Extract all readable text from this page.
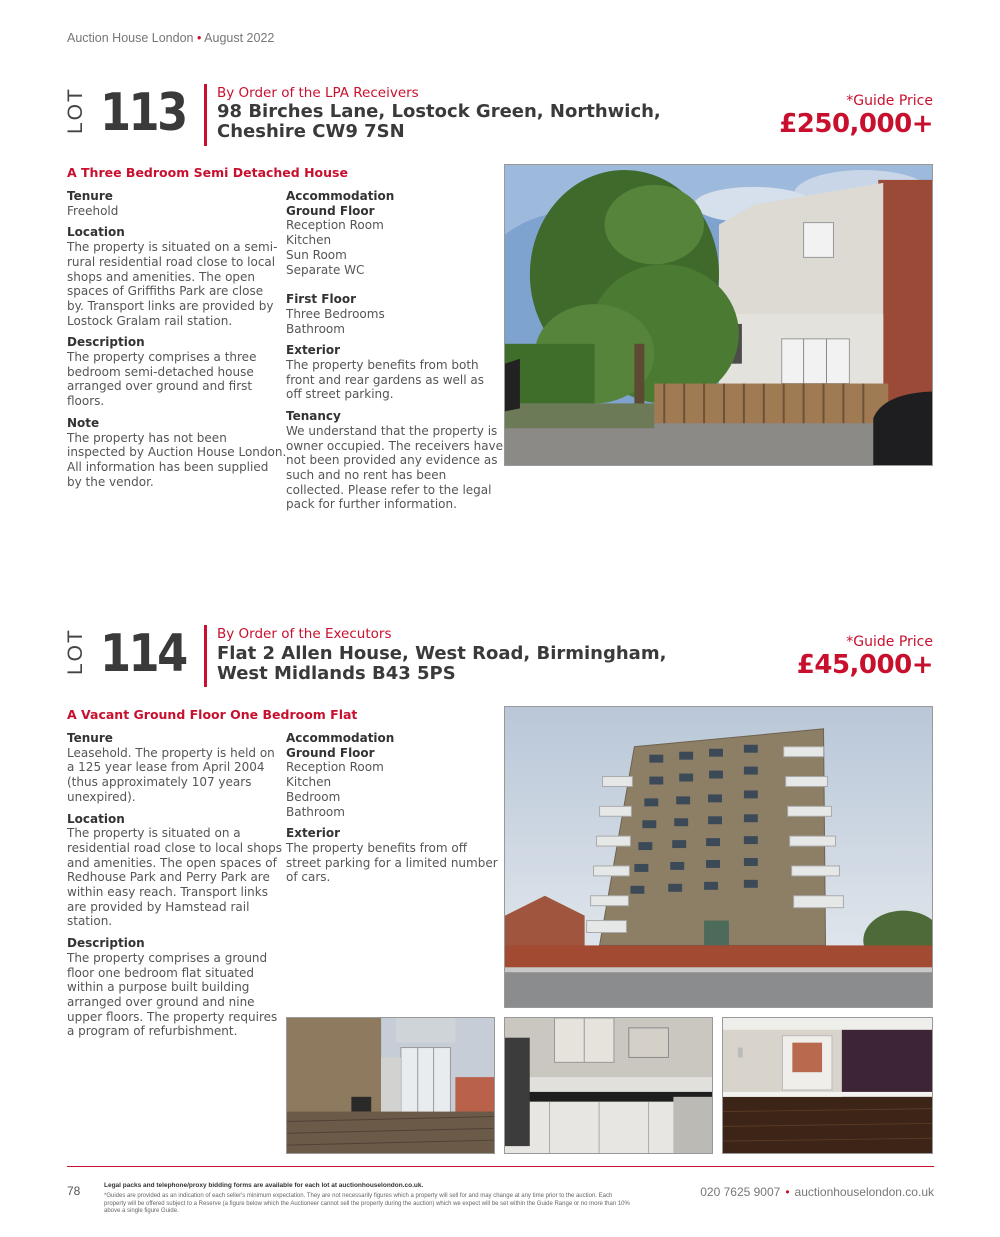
Auction House London • August 2022
LOT 113 By Order of the LPA Receivers
98 Birches Lane, Lostock Green, Northwich,
Cheshire CW9 7SN
*Guide Price
£250,000+
A Three Bedroom Semi Detached House
Tenure

Freehold

Location

The property is situated on a semi-

rural residential road close to local

shops and amenities. The open

spaces of Griffiths Park are close

by. Transport links are provided by

Lostock Gralam rail station.

Description

The property comprises a three

bedroom semi-detached house

arranged over ground and first

floors.

Note

The property has not been

inspected by Auction House London.

All information has been supplied

by the vendor.

Accommodation
Ground Floor

Reception Room

Kitchen

Sun Room

Separate WC

First Floor

Three Bedrooms

Bathroom

Exterior

The property benefits from both

front and rear gardens as well as

off street parking.

Tenancy

We understand that the property is

owner occupied. The receivers have

not been provided any evidence as

such and no rent has been

collected. Please refer to the legal

pack for further information.

LOT 114 By Order of the Executors
Flat 2 Allen House, West Road, Birmingham,
West Midlands B43 5PS
*Guide Price
£45,000+
A Vacant Ground Floor One Bedroom Flat
Tenure

Leasehold. The property is held on

a 125 year lease from April 2004

(thus approximately 107 years

unexpired).

Location

The property is situated on a

residential road close to local shops

and amenities. The open spaces of

Redhouse Park and Perry Park are

within easy reach. Transport links

are provided by Hamstead rail

station.

Description

The property comprises a ground

floor one bedroom flat situated

within a purpose built building

arranged over ground and nine

upper floors. The property requires

a program of refurbishment.

Accommodation
Ground Floor

Reception Room

Kitchen

Bedroom

Bathroom

Exterior

The property benefits from off

street parking for a limited number

of cars.

78	Legal packs and telephone/proxy bidding forms are available for each lot at auctionhouselondon.co.uk.
*Guides are provided as an indication of each seller's minimum expectation. They are not necessarily figures which a property will sell for and may change at any time prior to the auction. Each property will be offered subject to a Reserve (a figure below which the Auctioneer cannot sell the property during the auction) which we expect will be set within the Guide Range or no more than 10% above a single figure Guide.
020 7625 9007 • auctionhouselondon.co.uk
